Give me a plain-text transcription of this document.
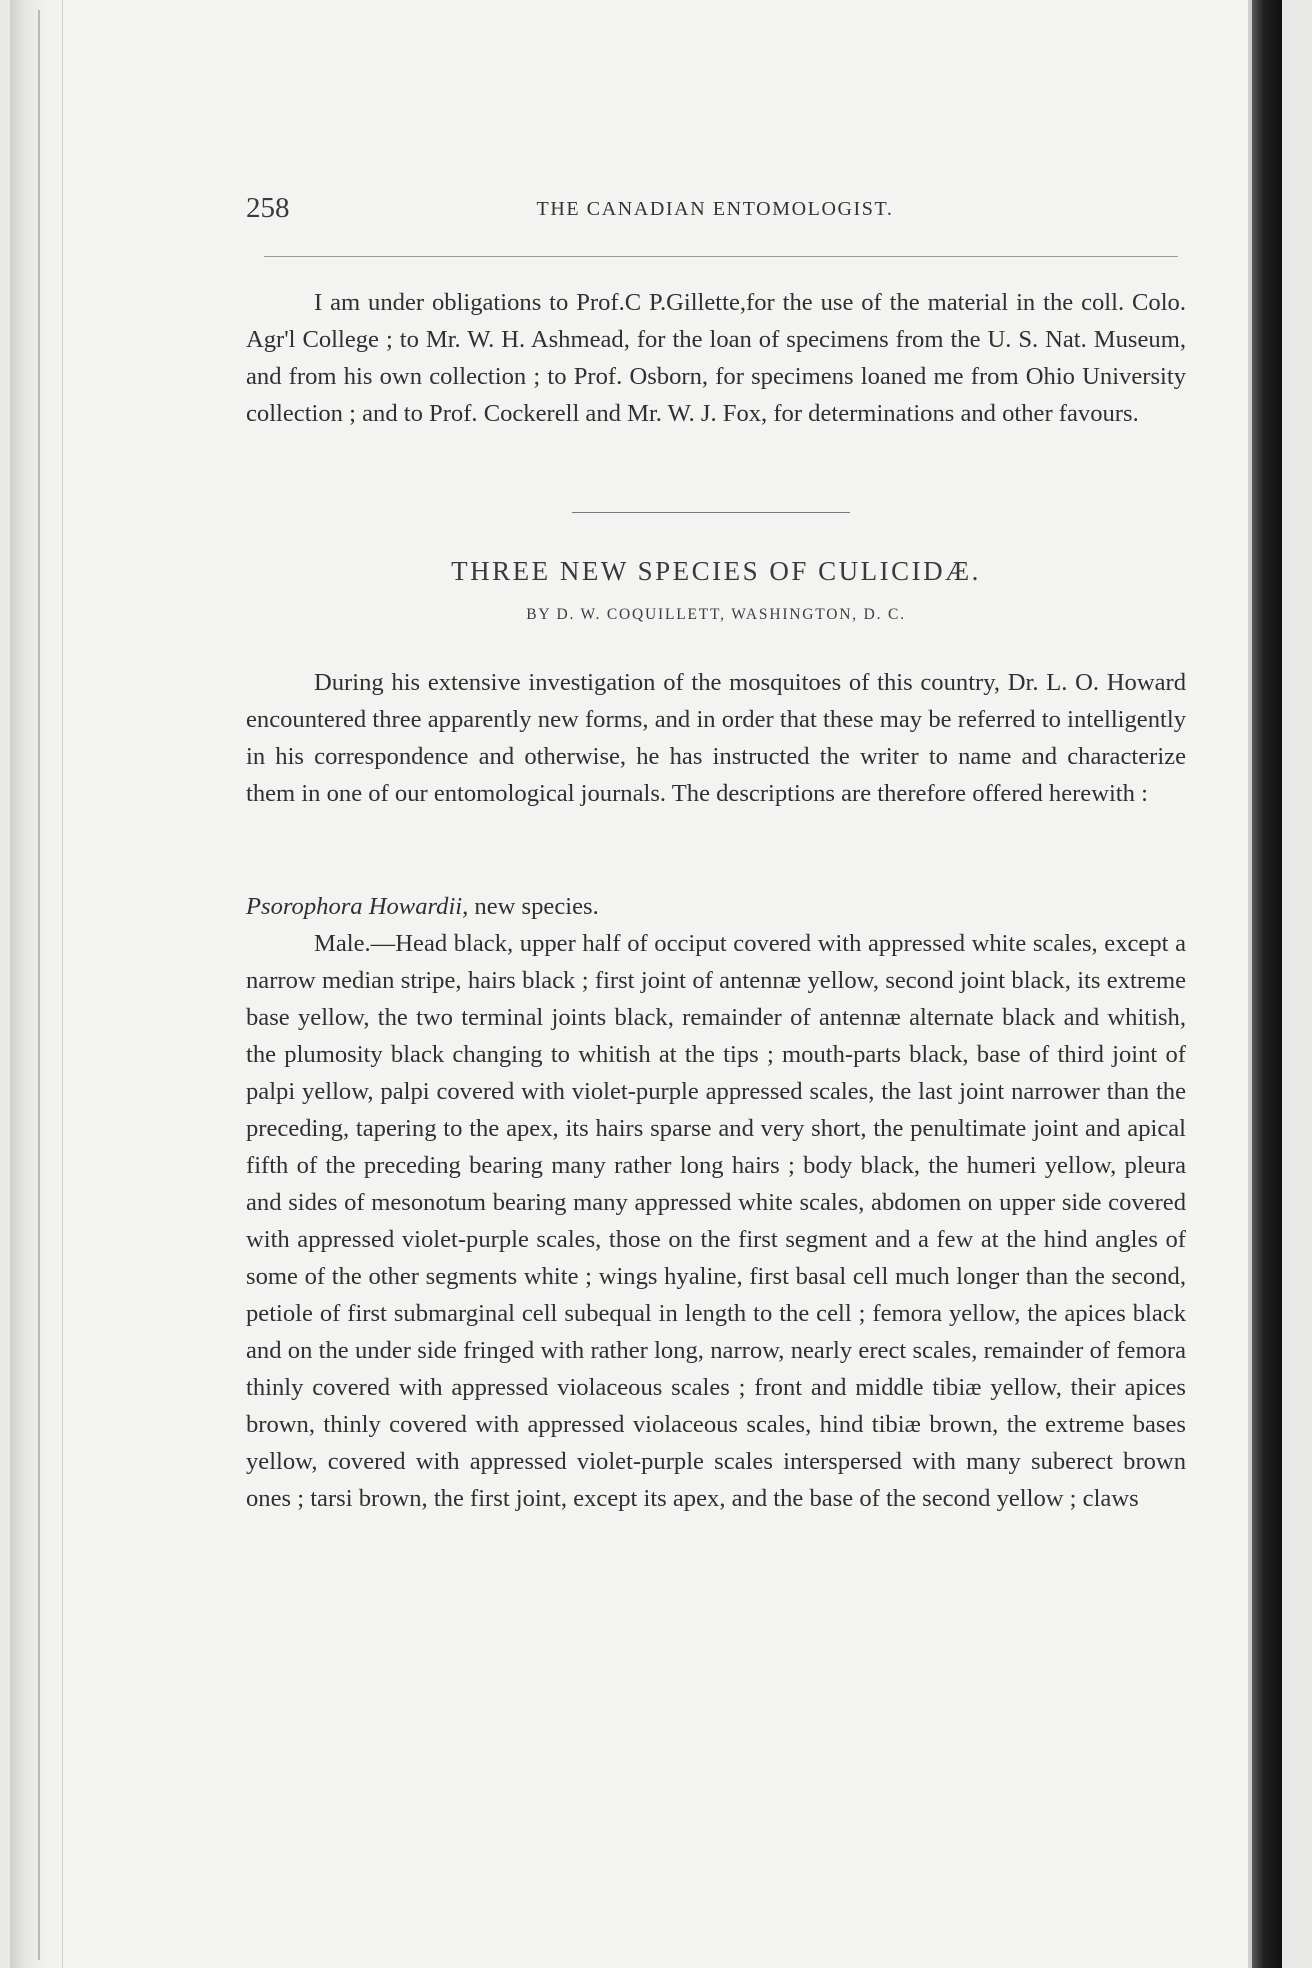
258	THE CANADIAN ENTOMOLOGIST.

I am under obligations to Prof.C P.Gillette,for the use of the material in the coll. Colo. Agr'l College ; to Mr. W. H. Ashmead, for the loan of specimens from the U. S. Nat. Museum, and from his own collection ; to Prof. Osborn, for specimens loaned me from Ohio University collection ; and to Prof. Cockerell and Mr. W. J. Fox, for determinations and other favours.

THREE NEW SPECIES OF CULICIDÆ.
BY D. W. COQUILLETT, WASHINGTON, D. C.

During his extensive investigation of the mosquitoes of this country, Dr. L. O. Howard encountered three apparently new forms, and in order that these may be referred to intelligently in his correspondence and otherwise, he has instructed the writer to name and characterize them in one of our entomological journals. The descriptions are therefore offered herewith :

Psorophora Howardii, new species.

Male.—Head black, upper half of occiput covered with appressed white scales, except a narrow median stripe, hairs black ; first joint of antennæ yellow, second joint black, its extreme base yellow, the two terminal joints black, remainder of antennæ alternate black and whitish, the plumosity black changing to whitish at the tips ; mouth-parts black, base of third joint of palpi yellow, palpi covered with violet-purple appressed scales, the last joint narrower than the preceding, tapering to the apex, its hairs sparse and very short, the penultimate joint and apical fifth of the preceding bearing many rather long hairs ; body black, the humeri yellow, pleura and sides of mesonotum bearing many appressed white scales, abdomen on upper side covered with appressed violet-purple scales, those on the first segment and a few at the hind angles of some of the other segments white ; wings hyaline, first basal cell much longer than the second, petiole of first submarginal cell subequal in length to the cell ; femora yellow, the apices black and on the under side fringed with rather long, narrow, nearly erect scales, remainder of femora thinly covered with appressed violaceous scales ; front and middle tibiæ yellow, their apices brown, thinly covered with appressed violaceous scales, hind tibiæ brown, the extreme bases yellow, covered with appressed violet-purple scales interspersed with many suberect brown ones ; tarsi brown, the first joint, except its apex, and the base of the second yellow ; claws
